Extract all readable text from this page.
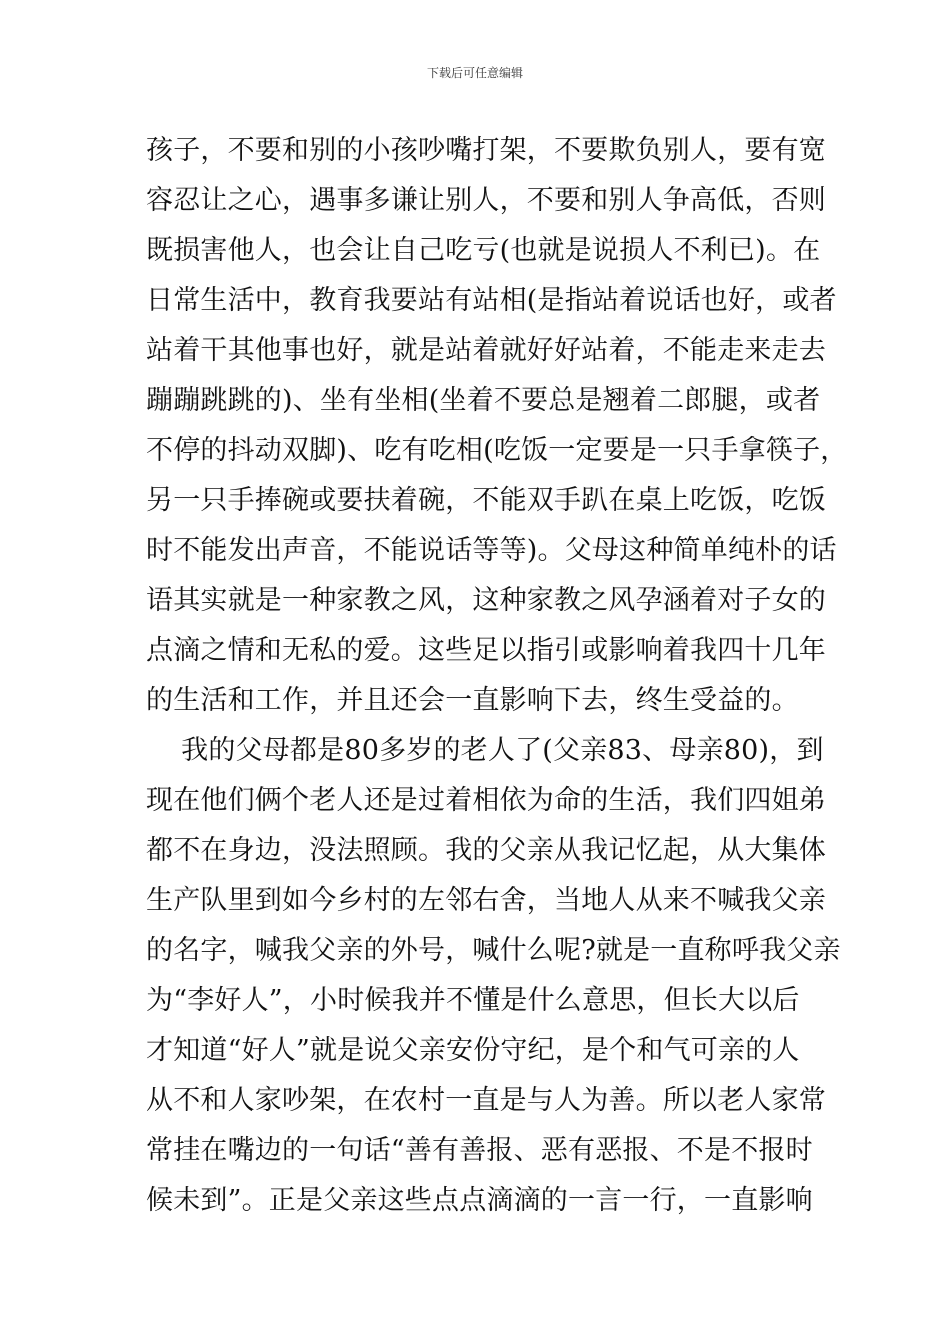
下载后可任意编辑
孩子，不要和别的小孩吵嘴打架，不要欺负别人，要有宽
容忍让之心，遇事多谦让别人，不要和别人争高低，否则
既损害他人，也会让自己吃亏(也就是说损人不利已)。在
日常生活中，教育我要站有站相(是指站着说话也好，或者
站着干其他事也好，就是站着就好好站着，不能走来走去
蹦蹦跳跳的)、坐有坐相(坐着不要总是翘着二郎腿，或者
不停的抖动双脚)、吃有吃相(吃饭一定要是一只手拿筷子，
另一只手捧碗或要扶着碗，不能双手趴在桌上吃饭，吃饭
时不能发出声音，不能说话等等)。父母这种简单纯朴的话
语其实就是一种家教之风，这种家教之风孕涵着对子女的
点滴之情和无私的爱。这些足以指引或影响着我四十几年
的生活和工作，并且还会一直影响下去，终生受益的。
我的父母都是80多岁的老人了(父亲83、母亲80)，到
现在他们俩个老人还是过着相依为命的生活，我们四姐弟
都不在身边，没法照顾。我的父亲从我记忆起，从大集体
生产队里到如今乡村的左邻右舍，当地人从来不喊我父亲
的名字，喊我父亲的外号，喊什么呢?就是一直称呼我父亲
为“李好人”，小时候我并不懂是什么意思，但长大以后
才知道“好人”就是说父亲安份守纪，是个和气可亲的人
从不和人家吵架，在农村一直是与人为善。所以老人家常
常挂在嘴边的一句话“善有善报、恶有恶报、不是不报时
候未到”。正是父亲这些点点滴滴的一言一行，一直影响
